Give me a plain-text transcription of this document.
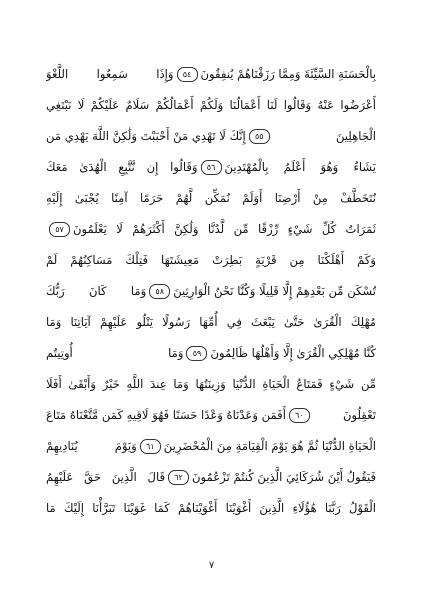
بِالْحَسَنَةِ السَّيِّئَةَ وَمِمَّا رَزَقْنَاهُمْ يُنفِقُونَ
٥٤
وَإِذَا سَمِعُوا اللَّغْوَ
أَعْرَضُوا عَنْهُ وَقَالُوا لَنَا أَعْمَالُنَا وَلَكُمْ أَعْمَالُكُمْ سَلَامٌ عَلَيْكُمْ لَا نَبْتَغِي
الْجَاهِلِينَ
٥٥
إِنَّكَ لَا تَهْدِي مَنْ أَحْبَبْتَ وَلَٰكِنَّ اللَّهَ يَهْدِي مَن
يَشَاءُ وَهُوَ أَعْلَمُ بِالْمُهْتَدِينَ
٥٦
وَقَالُوا إِن نَّتَّبِعِ الْهُدَىٰ مَعَكَ
نُتَخَطَّفْ مِنْ أَرْضِنَا أَوَلَمْ نُمَكِّن لَّهُمْ حَرَمًا آمِنًا يُجْبَىٰ إِلَيْهِ
ثَمَرَاتُ كُلِّ شَيْءٍ رِّزْقًا مِّن لَّدُنَّا وَلَٰكِنَّ أَكْثَرَهُمْ لَا يَعْلَمُونَ
٥٧
وَكَمْ أَهْلَكْنَا مِن قَرْيَةٍ بَطِرَتْ مَعِيشَتَهَا فَتِلْكَ مَسَاكِنُهُمْ لَمْ
تُسْكَن مِّن بَعْدِهِمْ إِلَّا قَلِيلًا وَكُنَّا نَحْنُ الْوَارِثِينَ
٥٨
وَمَا كَانَ رَبُّكَ
مُهْلِكَ الْقُرَىٰ حَتَّىٰ يَبْعَثَ فِي أُمِّهَا رَسُولًا يَتْلُو عَلَيْهِمْ آيَاتِنَا وَمَا
كُنَّا مُهْلِكِي الْقُرَىٰ إِلَّا وَأَهْلُهَا ظَالِمُونَ
٥٩
وَمَا أُوتِيتُم
مِّن شَيْءٍ فَمَتَاعُ الْحَيَاةِ الدُّنْيَا وَزِينَتُهَا وَمَا عِندَ اللَّهِ خَيْرٌ وَأَبْقَىٰ أَفَلَا
تَعْقِلُونَ
٦٠
أَفَمَن وَعَدْنَاهُ وَعْدًا حَسَنًا فَهُوَ لَاقِيهِ كَمَن مَّتَّعْنَاهُ مَتَاعَ
الْحَيَاةِ الدُّنْيَا ثُمَّ هُوَ يَوْمَ الْقِيَامَةِ مِنَ الْمُحْضَرِينَ
٦١
وَيَوْمَ يُنَادِيهِمْ
فَيَقُولُ أَيْنَ شُرَكَائِيَ الَّذِينَ كُنتُمْ تَزْعُمُونَ
٦٢
قَالَ الَّذِينَ حَقَّ عَلَيْهِمُ
الْقَوْلُ رَبَّنَا هَٰؤُلَاءِ الَّذِينَ أَغْوَيْنَا أَغْوَيْنَاهُمْ كَمَا غَوَيْنَا تَبَرَّأْنَا إِلَيْكَ مَا
٧
